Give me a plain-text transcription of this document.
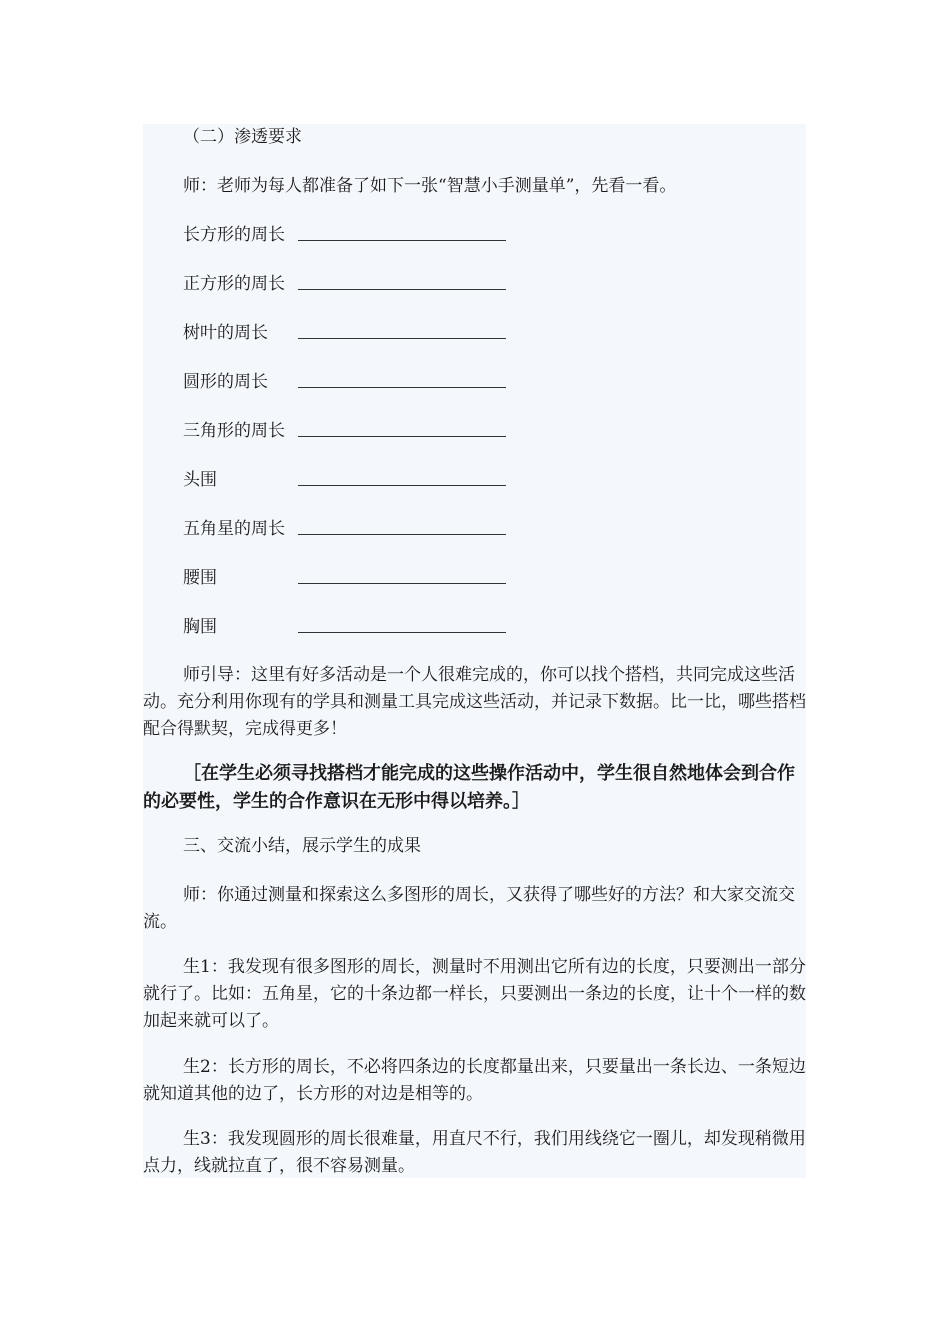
（二）渗透要求

师：老师为每人都准备了如下一张“智慧小手测量单”，先看一看。

长方形的周长
正方形的周长
树叶的周长
圆形的周长
三角形的周长
头围
五角星的周长
腰围
胸围

师引导：这里有好多活动是一个人很难完成的，你可以找个搭档，共同完成这些活动。充分利用你现有的学具和测量工具完成这些活动，并记录下数据。比一比，哪些搭档配合得默契，完成得更多！

［在学生必须寻找搭档才能完成的这些操作活动中，学生很自然地体会到合作的必要性，学生的合作意识在无形中得以培养。］

三、交流小结，展示学生的成果

师：你通过测量和探索这么多图形的周长，又获得了哪些好的方法？和大家交流交流。

生1：我发现有很多图形的周长，测量时不用测出它所有边的长度，只要测出一部分就行了。比如：五角星，它的十条边都一样长，只要测出一条边的长度，让十个一样的数加起来就可以了。

生2：长方形的周长，不必将四条边的长度都量出来，只要量出一条长边、一条短边就知道其他的边了，长方形的对边是相等的。

生3：我发现圆形的周长很难量，用直尺不行，我们用线绕它一圈儿，却发现稍微用点力，线就拉直了，很不容易测量。
